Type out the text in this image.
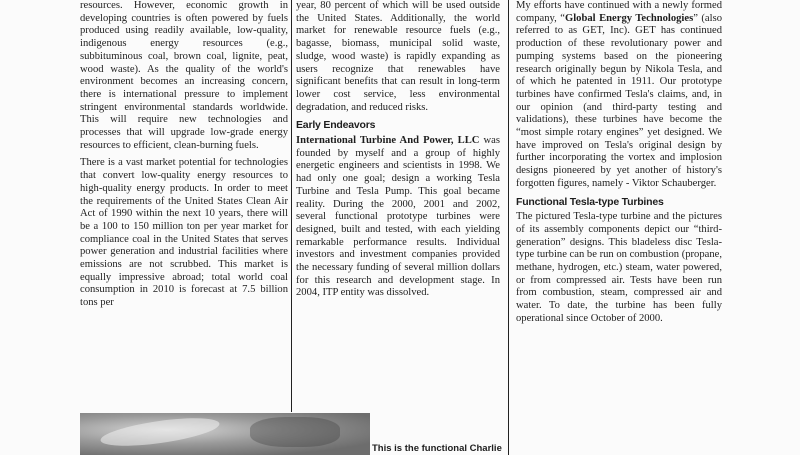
resources. However, economic growth in developing countries is often powered by fuels produced using readily available, low-quality, indigenous energy resources (e.g., subbituminous coal, brown coal, lignite, peat, wood waste). As the quality of the world's environment becomes an increasing concern, there is international pressure to implement stringent environmental standards worldwide. This will require new technologies and processes that will upgrade low-grade energy resources to efficient, clean-burning fuels.

There is a vast market potential for technologies that convert low-quality energy resources to high-quality energy products. In order to meet the requirements of the United States Clean Air Act of 1990 within the next 10 years, there will be a 100 to 150 million ton per year market for compliance coal in the United States that serves power generation and industrial facilities where emissions are not scrubbed. This market is equally impressive abroad; total world coal consumption in 2010 is forecast at 7.5 billion tons per

year, 80 percent of which will be used outside the United States. Additionally, the world market for renewable resource fuels (e.g., bagasse, biomass, municipal solid waste, sludge, wood waste) is rapidly expanding as users recognize that renewables have significant benefits that can result in long-term lower cost service, less environmental degradation, and reduced risks.

Early Endeavors

International Turbine And Power, LLC was founded by myself and a group of highly energetic engineers and scientists in 1998. We had only one goal; design a working Tesla Turbine and Tesla Pump. This goal became reality. During the 2000, 2001 and 2002, several functional prototype turbines were designed, built and tested, with each yielding remarkable performance results. Individual investors and investment companies provided the necessary funding of several million dollars for this research and development stage. In 2004, ITP entity was dissolved.

My efforts have continued with a newly formed company, “Global Energy Technologies” (also referred to as GET, Inc). GET has continued production of these revolutionary power and pumping systems based on the pioneering research originally begun by Nikola Tesla, and of which he patented in 1911. Our prototype turbines have confirmed Tesla's claims, and, in our opinion (and third-party testing and validations), these turbines have become the “most simple rotary engines” yet designed. We have improved on Tesla's original design by further incorporating the vortex and implosion designs pioneered by yet another of history's forgotten figures, namely - Viktor Schauberger.

Functional Tesla-type Turbines

The pictured Tesla-type turbine and the pictures of its assembly components depict our “third-generation” designs. This bladeless disc Tesla-type turbine can be run on combustion (propane, methane, hydrogen, etc.) steam, water powered, or from compressed air. Tests have been run from combustion, steam, compressed air and water. To date, the turbine has been fully operational since October of 2000.

This is the functional Charlie
